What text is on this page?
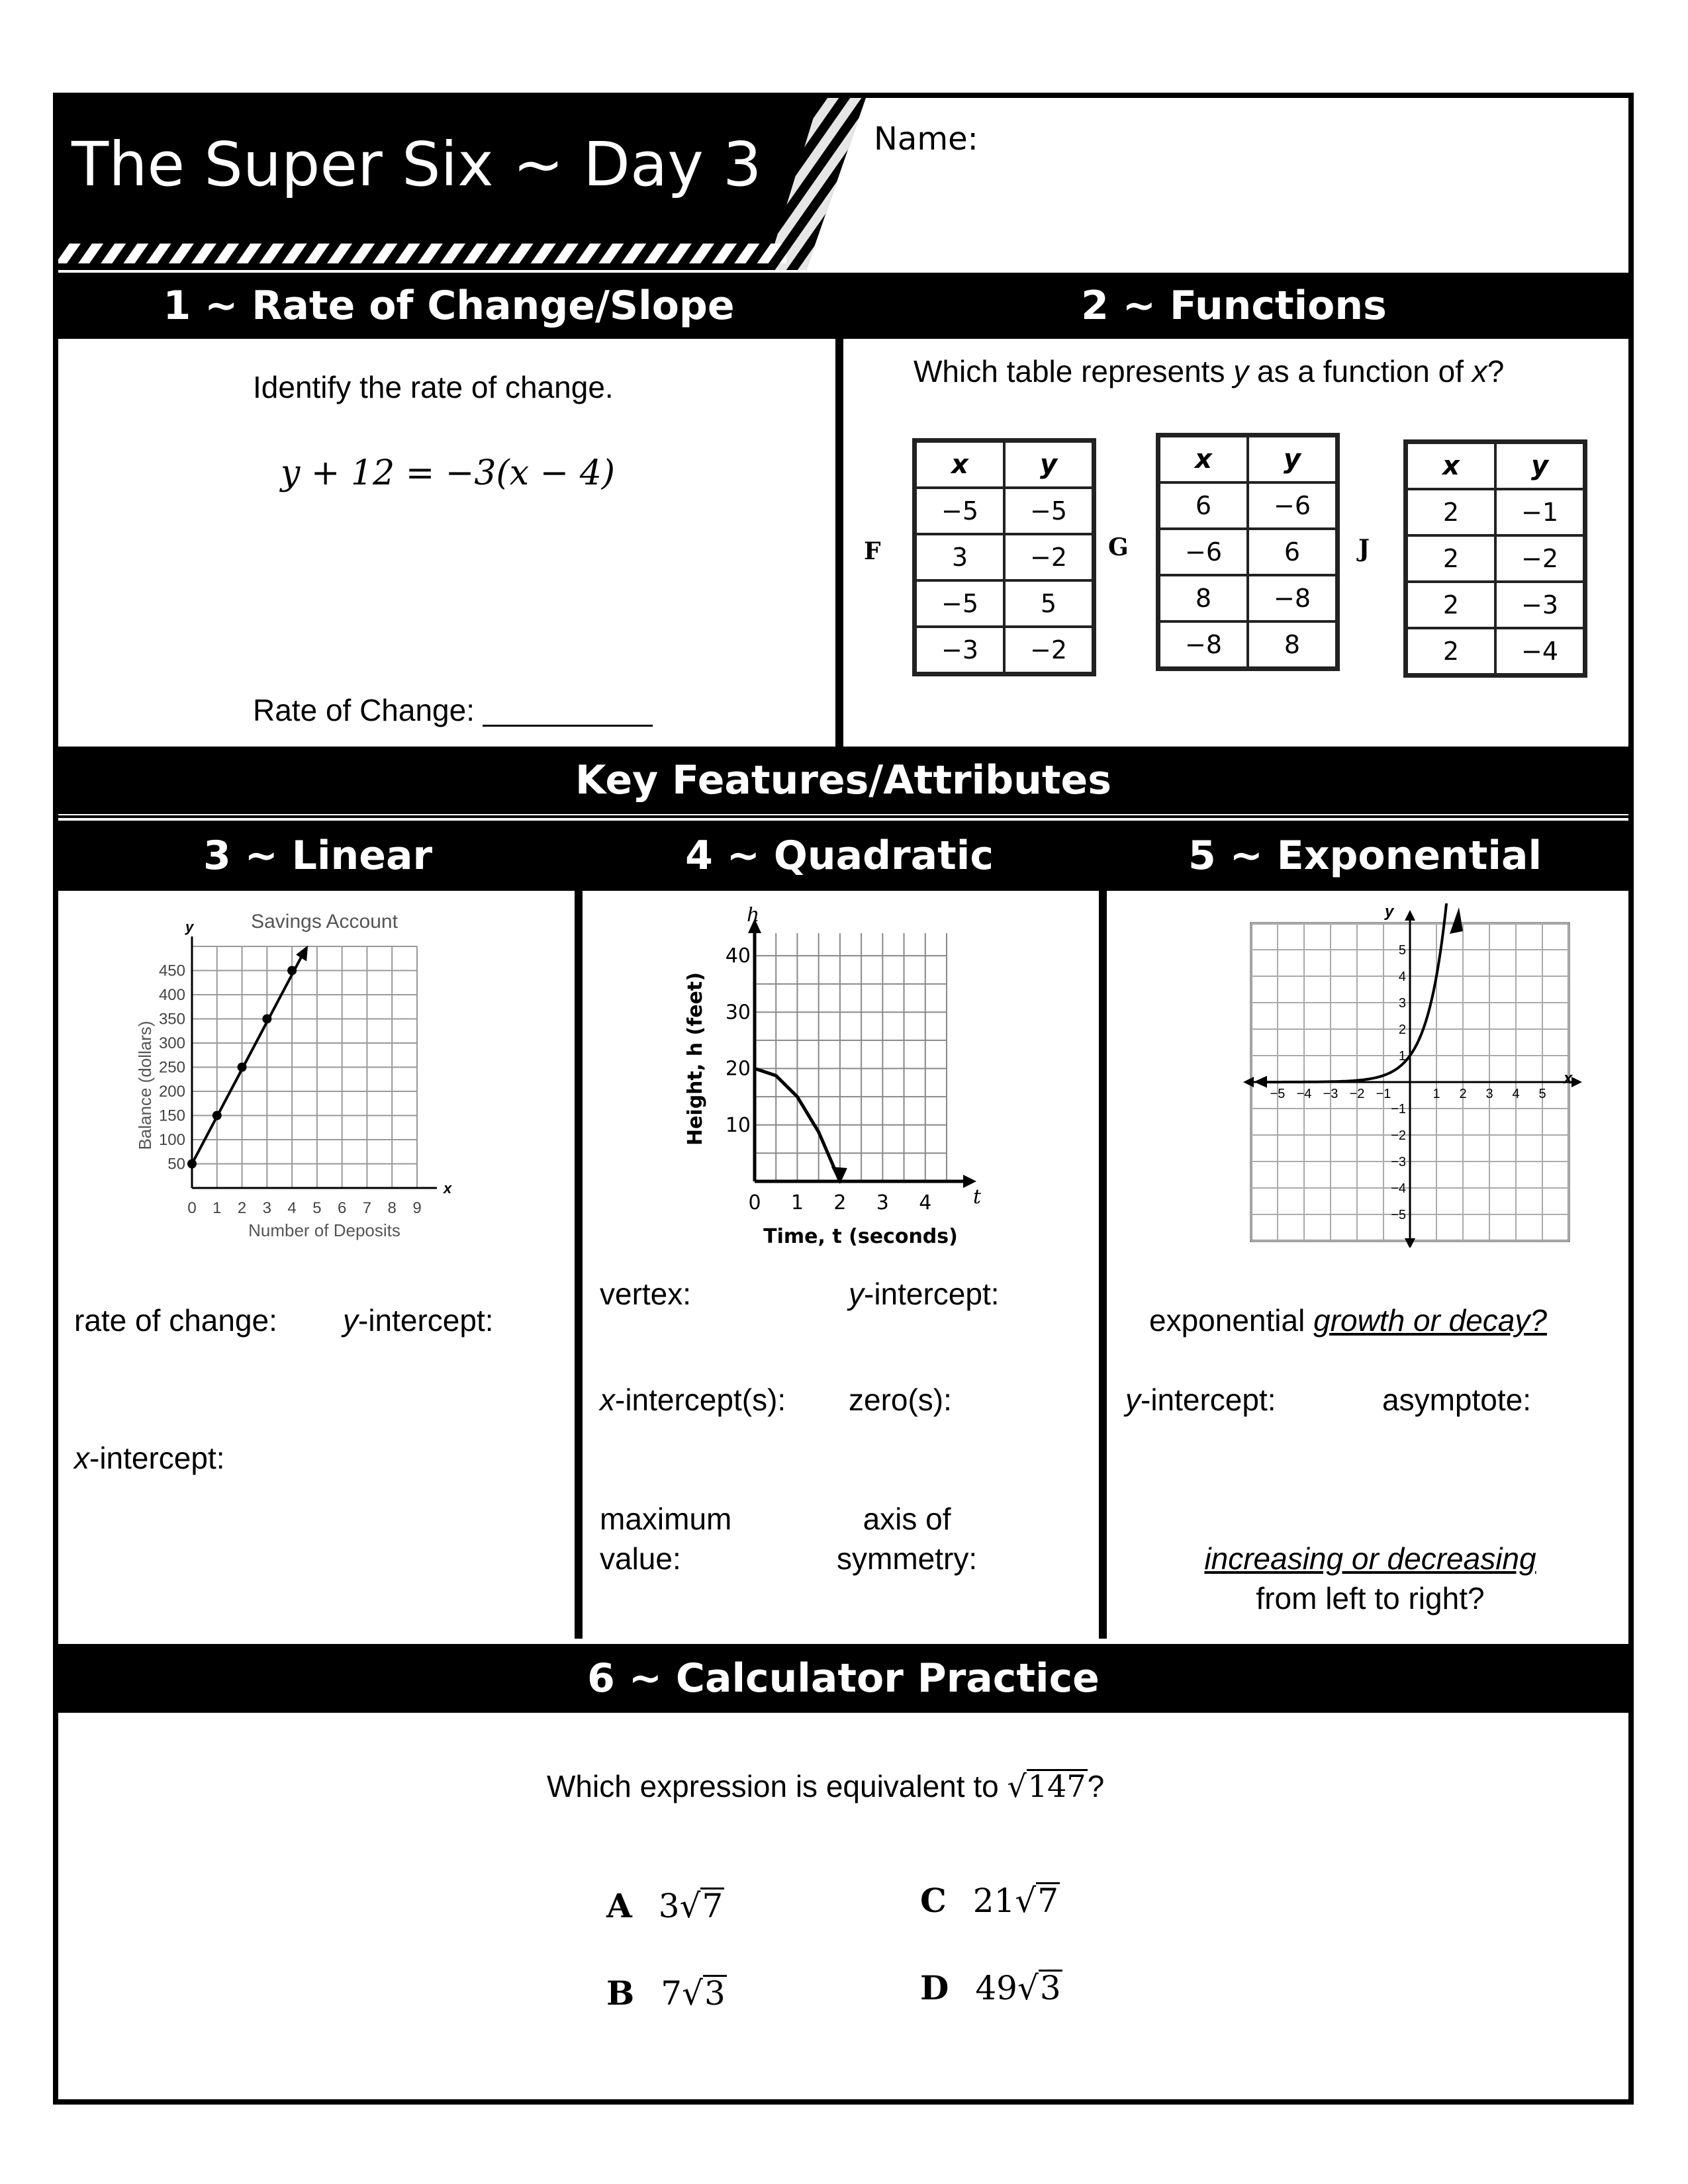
The Super Six ~ Day 3	Name:
1 ~ Rate of Change/Slope	2 ~ Functions
Identify the rate of change.
y + 12 = −3(x − 4)
Rate of Change: __________
Which table represents y as a function of x?
F
x	y
−5	−5
3	−2
−5	5
−3	−2
G
x	y
6	−6
−6	6
8	−8
−8	8
J
x	y
2	−1
2	−2
2	−3
2	−4
Key Features/Attributes
3 ~ Linear	4 ~ Quadratic	5 ~ Exponential
Savings Account
y
x
0 1 2 3 4 5 6 7 8 9
50
100
150
200
250
300
350
400
450
Number of Deposits
Balance (dollars)
0 1 2 3 4
10
20
30
40
h
t
Time, t (seconds)
Height, h (feet)	−5 −4 −3 −2 −1	1 2 3 4 5
−5
−4
−3
−2
−1
1
2
3
4
5
x
y
rate of change: y-intercept:
x-intercept:
vertex:	y-intercept:
x-intercept(s): zero(s):
maximum
value:
axis of
symmetry:
exponential growth or decay?
y-intercept:	asymptote:
increasing or decreasing
from left to right?
6 ~ Calculator Practice
Which expression is equivalent to √147?
A 3√7
B 7√3
C 21√7
D 49√3
